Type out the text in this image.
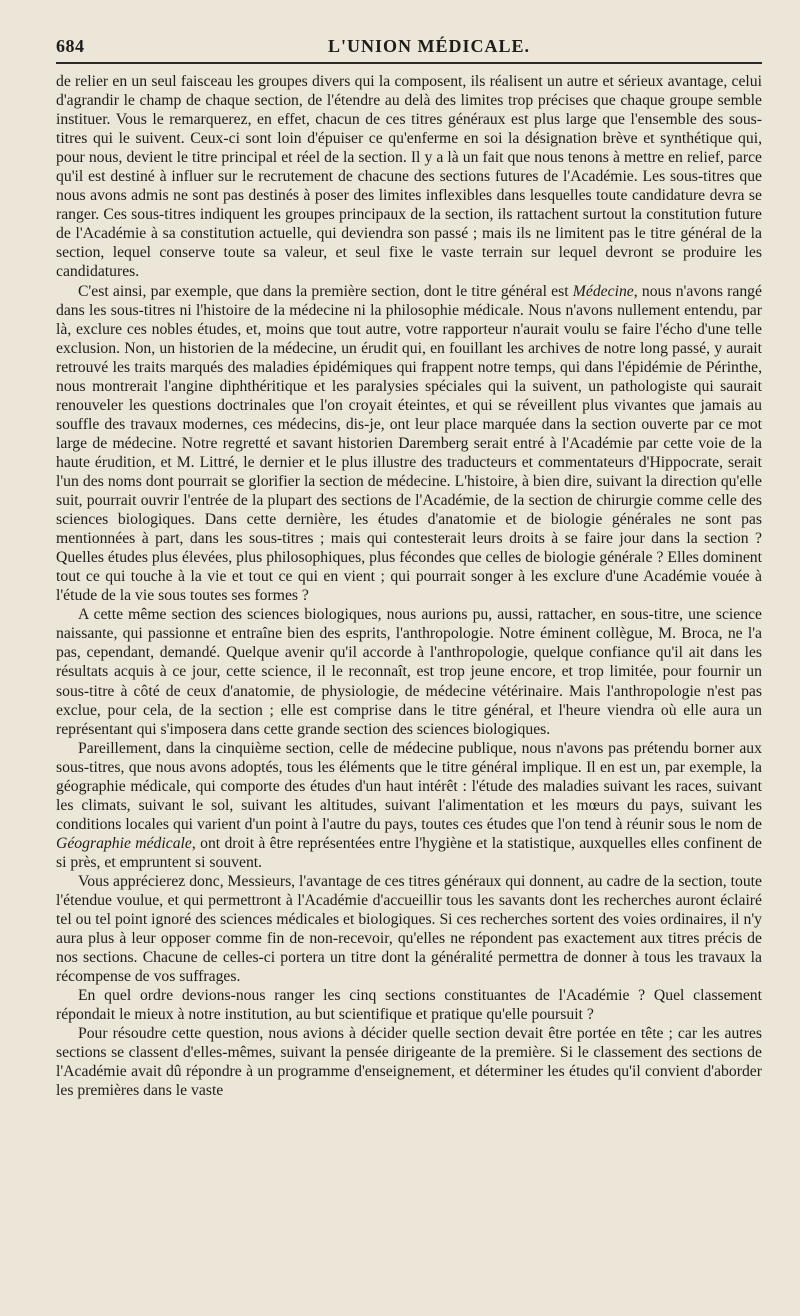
684	L'UNION MÉDICALE.

de relier en un seul faisceau les groupes divers qui la composent, ils réalisent un autre et sérieux avantage, celui d'agrandir le champ de chaque section, de l'étendre au delà des limites trop précises que chaque groupe semble instituer. Vous le remarquerez, en effet, chacun de ces titres généraux est plus large que l'ensemble des sous-titres qui le suivent. Ceux-ci sont loin d'épuiser ce qu'enferme en soi la désignation brève et synthétique qui, pour nous, devient le titre principal et réel de la section. Il y a là un fait que nous tenons à mettre en relief, parce qu'il est destiné à influer sur le recrutement de chacune des sections futures de l'Académie. Les sous-titres que nous avons admis ne sont pas destinés à poser des limites inflexibles dans lesquelles toute candidature devra se ranger. Ces sous-titres indiquent les groupes principaux de la section, ils rattachent surtout la constitution future de l'Académie à sa constitution actuelle, qui deviendra son passé ; mais ils ne limitent pas le titre général de la section, lequel conserve toute sa valeur, et seul fixe le vaste terrain sur lequel devront se produire les candidatures.

C'est ainsi, par exemple, que dans la première section, dont le titre général est Médecine, nous n'avons rangé dans les sous-titres ni l'histoire de la médecine ni la philosophie médicale. Nous n'avons nullement entendu, par là, exclure ces nobles études, et, moins que tout autre, votre rapporteur n'aurait voulu se faire l'écho d'une telle exclusion. Non, un historien de la médecine, un érudit qui, en fouillant les archives de notre long passé, y aurait retrouvé les traits marqués des maladies épidémiques qui frappent notre temps, qui dans l'épidémie de Périnthe, nous montrerait l'angine diphthéritique et les paralysies spéciales qui la suivent, un pathologiste qui saurait renouveler les questions doctrinales que l'on croyait éteintes, et qui se réveillent plus vivantes que jamais au souffle des travaux modernes, ces médecins, dis-je, ont leur place marquée dans la section ouverte par ce mot large de médecine. Notre regretté et savant historien Daremberg serait entré à l'Académie par cette voie de la haute érudition, et M. Littré, le dernier et le plus illustre des traducteurs et commentateurs d'Hippocrate, serait l'un des noms dont pourrait se glorifier la section de médecine. L'histoire, à bien dire, suivant la direction qu'elle suit, pourrait ouvrir l'entrée de la plupart des sections de l'Académie, de la section de chirurgie comme celle des sciences biologiques. Dans cette dernière, les études d'anatomie et de biologie générales ne sont pas mentionnées à part, dans les sous-titres ; mais qui contesterait leurs droits à se faire jour dans la section ? Quelles études plus élevées, plus philosophiques, plus fécondes que celles de biologie générale ? Elles dominent tout ce qui touche à la vie et tout ce qui en vient ; qui pourrait songer à les exclure d'une Académie vouée à l'étude de la vie sous toutes ses formes ?

A cette même section des sciences biologiques, nous aurions pu, aussi, rattacher, en sous-titre, une science naissante, qui passionne et entraîne bien des esprits, l'anthropologie. Notre éminent collègue, M. Broca, ne l'a pas, cependant, demandé. Quelque avenir qu'il accorde à l'anthropologie, quelque confiance qu'il ait dans les résultats acquis à ce jour, cette science, il le reconnaît, est trop jeune encore, et trop limitée, pour fournir un sous-titre à côté de ceux d'anatomie, de physiologie, de médecine vétérinaire. Mais l'anthropologie n'est pas exclue, pour cela, de la section ; elle est comprise dans le titre général, et l'heure viendra où elle aura un représentant qui s'imposera dans cette grande section des sciences biologiques.

Pareillement, dans la cinquième section, celle de médecine publique, nous n'avons pas prétendu borner aux sous-titres, que nous avons adoptés, tous les éléments que le titre général implique. Il en est un, par exemple, la géographie médicale, qui comporte des études d'un haut intérêt : l'étude des maladies suivant les races, suivant les climats, suivant le sol, suivant les altitudes, suivant l'alimentation et les mœurs du pays, suivant les conditions locales qui varient d'un point à l'autre du pays, toutes ces études que l'on tend à réunir sous le nom de Géographie médicale, ont droit à être représentées entre l'hygiène et la statistique, auxquelles elles confinent de si près, et empruntent si souvent.

Vous apprécierez donc, Messieurs, l'avantage de ces titres généraux qui donnent, au cadre de la section, toute l'étendue voulue, et qui permettront à l'Académie d'accueillir tous les savants dont les recherches auront éclairé tel ou tel point ignoré des sciences médicales et biologiques. Si ces recherches sortent des voies ordinaires, il n'y aura plus à leur opposer comme fin de non-recevoir, qu'elles ne répondent pas exactement aux titres précis de nos sections. Chacune de celles-ci portera un titre dont la généralité permettra de donner à tous les travaux la récompense de vos suffrages.

En quel ordre devions-nous ranger les cinq sections constituantes de l'Académie ? Quel classement répondait le mieux à notre institution, au but scientifique et pratique qu'elle poursuit ?

Pour résoudre cette question, nous avions à décider quelle section devait être portée en tête ; car les autres sections se classent d'elles-mêmes, suivant la pensée dirigeante de la première. Si le classement des sections de l'Académie avait dû répondre à un programme d'enseignement, et déterminer les études qu'il convient d'aborder les premières dans le vaste
